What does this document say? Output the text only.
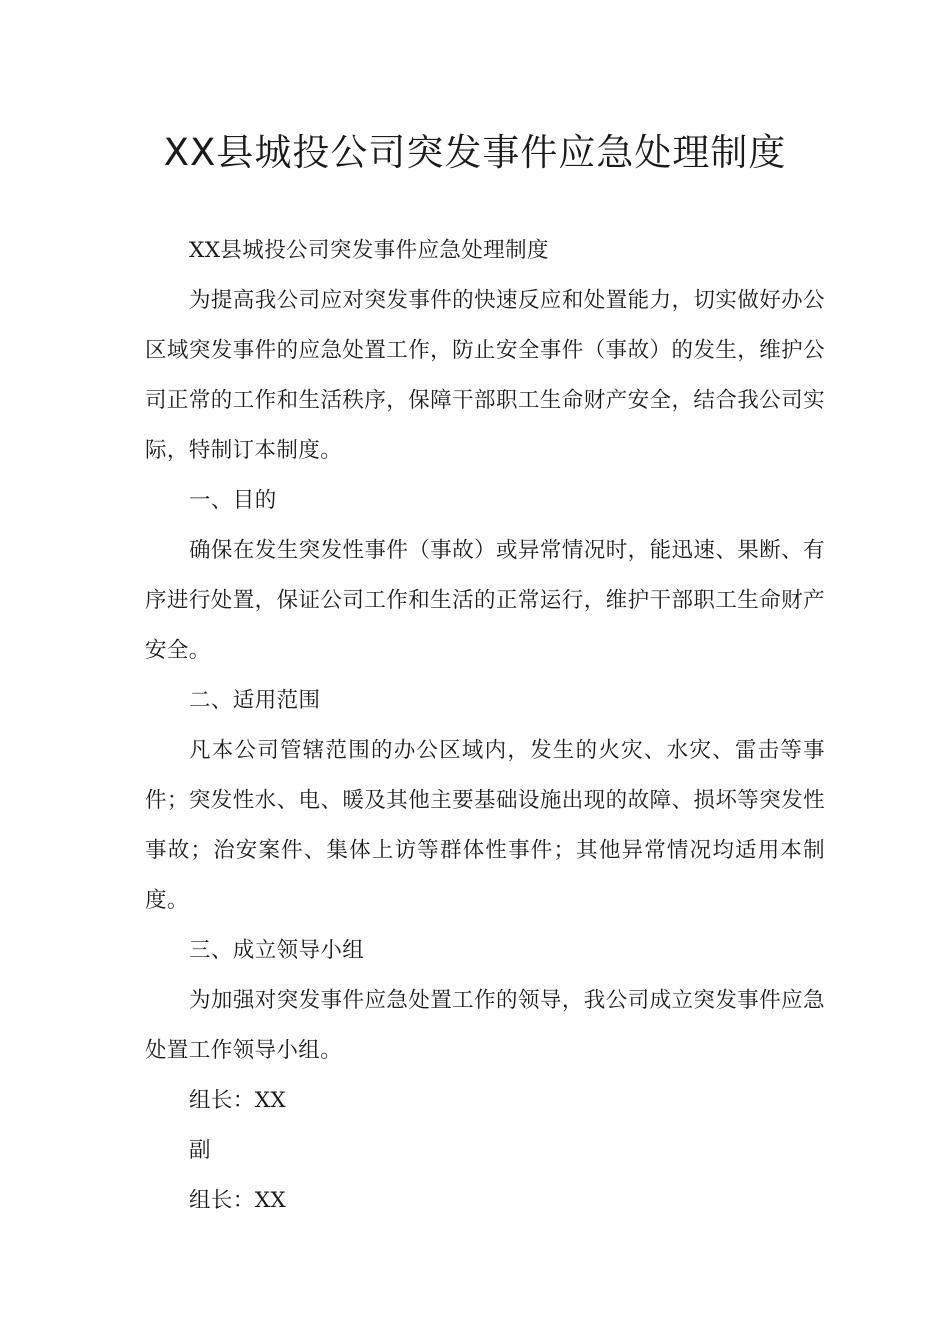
XX县城投公司突发事件应急处理制度

XX县城投公司突发事件应急处理制度

为提高我公司应对突发事件的快速反应和处置能力，切实做好办公区域突发事件的应急处置工作，防止安全事件（事故）的发生，维护公司正常的工作和生活秩序，保障干部职工生命财产安全，结合我公司实际，特制订本制度。

一、目的

确保在发生突发性事件（事故）或异常情况时，能迅速、果断、有序进行处置，保证公司工作和生活的正常运行，维护干部职工生命财产安全。

二、适用范围

凡本公司管辖范围的办公区域内，发生的火灾、水灾、雷击等事件；突发性水、电、暖及其他主要基础设施出现的故障、损坏等突发性事故；治安案件、集体上访等群体性事件；其他异常情况均适用本制度。

三、成立领导小组

为加强对突发事件应急处置工作的领导，我公司成立突发事件应急处置工作领导小组。

组长：XX

副

组长：XX
